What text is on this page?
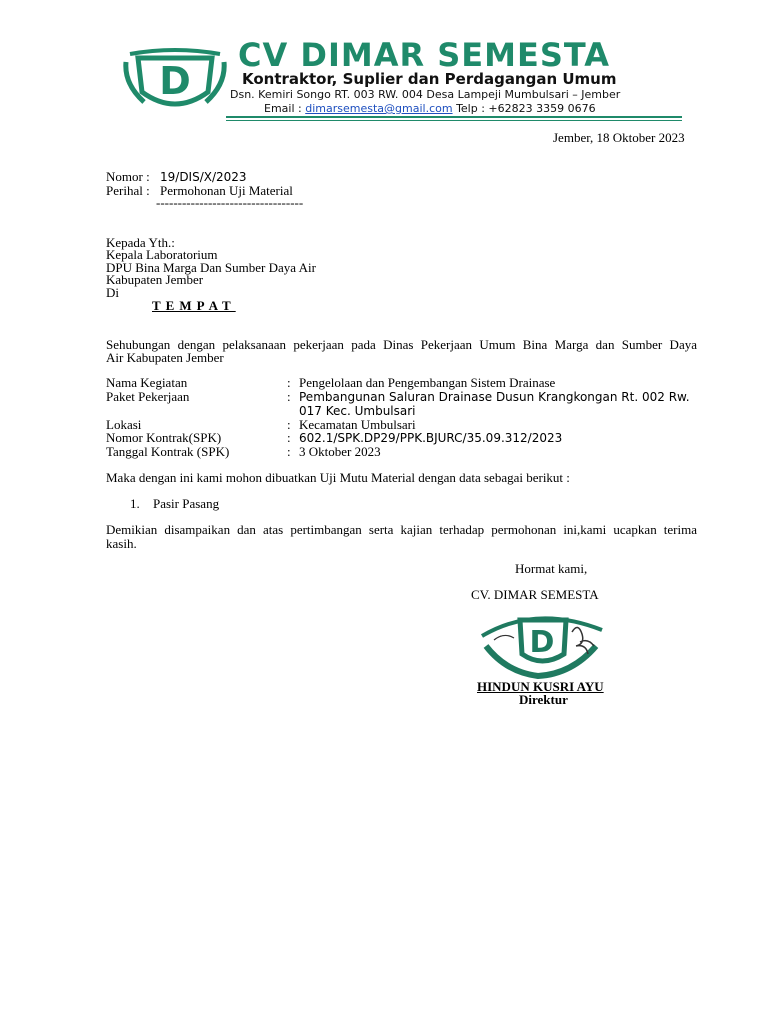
D
CV DIMAR SEMESTA
Kontraktor, Suplier dan Perdagangan Umum
Dsn. Kemiri Songo RT. 003 RW. 004 Desa Lampeji Mumbulsari – Jember
Email : dimarsemesta@gmail.com Telp : +62823 3359 0676
Jember, 18 Oktober 2023
Nomor : 19/DIS/X/2023
Perihal : Permohonan Uji Material
----------------------------------
Kepada Yth.:
Kepala Laboratorium
DPU Bina Marga Dan Sumber Daya Air
Kabupaten Jember
Di
TEMPAT
Sehubungan dengan pelaksanaan pekerjaan pada Dinas Pekerjaan Umum Bina Marga dan Sumber Daya
Air Kabupaten Jember
Nama Kegiatan	: Pengelolaan dan Pengembangan Sistem Drainase
Paket Pekerjaan	: Pembangunan Saluran Drainase Dusun Krangkongan Rt. 002 Rw.
017 Kec. Umbulsari
Lokasi	: Kecamatan Umbulsari
Nomor Kontrak(SPK)	: 602.1/SPK.DP29/PPK.BJURC/35.09.312/2023
Tanggal Kontrak (SPK)	: 3 Oktober 2023
Maka dengan ini kami mohon dibuatkan Uji Mutu Material dengan data sebagai berikut :
1. Pasir Pasang
Demikian disampaikan dan atas pertimbangan serta kajian terhadap permohonan ini,kami ucapkan terima
kasih.
Hormat kami,
CV. DIMAR SEMESTA
D
HINDUN KUSRI AYU
Direktur
